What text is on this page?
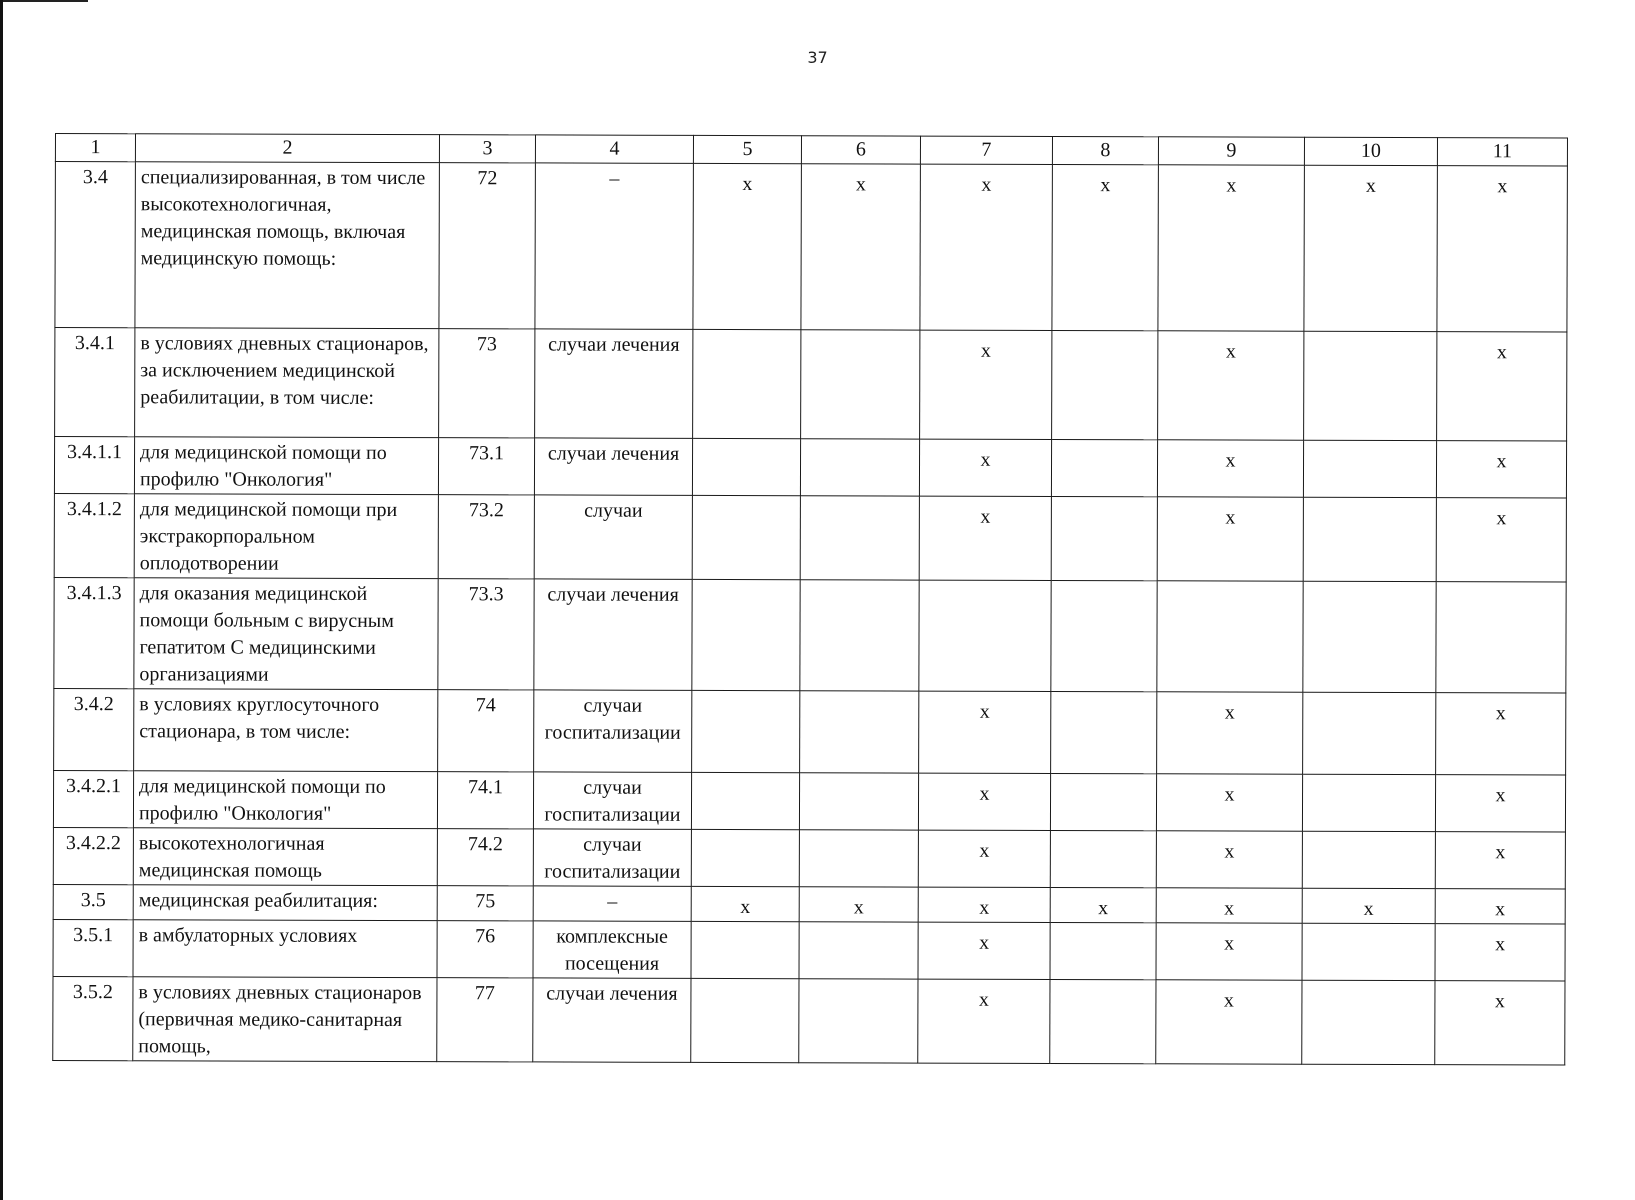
37
1	2	3	4	5	6	7	8	9	10	11
3.4	специализированная, в том числе высокотехнологичная, медицинская помощь, включая медицинскую помощь:	72	–	х	х	х	х	х	х	х
3.4.1	в условиях дневных стационаров, за исключением медицинской реабилитации, в том числе:	73	случаи лечения			х		х		х
3.4.1.1	для медицинской помощи по профилю "Онкология"	73.1	случаи лечения			х		х		х
3.4.1.2	для медицинской помощи при экстракорпоральном оплодотворении	73.2	случаи			х		х		х
3.4.1.3	для оказания медицинской помощи больным с вирусным гепатитом С медицинскими организациями	73.3	случаи лечения							
3.4.2	в условиях круглосуточного стационара, в том числе:	74	случаи госпитализации			х		х		х
3.4.2.1	для медицинской помощи по профилю "Онкология"	74.1	случаи госпитализации			х		х		х
3.4.2.2	высокотехнологичная медицинская помощь	74.2	случаи госпитализации			х		х		х
3.5	медицинская реабилитация:	75	–	х	х	х	х	х	х	х
3.5.1	в амбулаторных условиях	76	комплексные посещения			х		х		х
3.5.2	в условиях дневных стационаров (первичная медико-санитарная помощь,	77	случаи лечения			х		х		х
